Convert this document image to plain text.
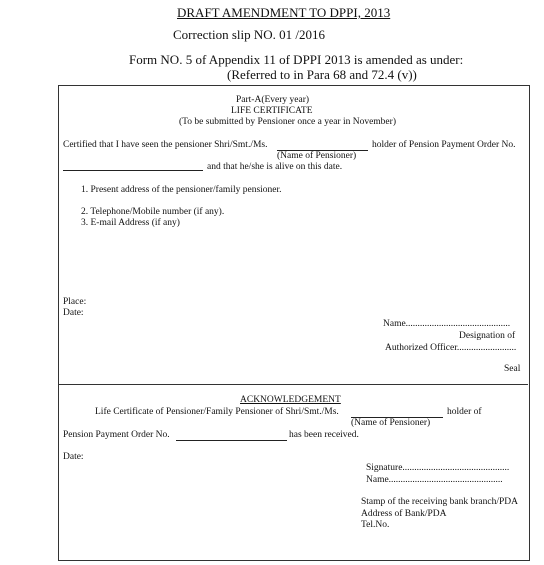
DRAFT AMENDMENT TO DPPI, 2013
Correction slip NO. 01 /2016
Form NO. 5 of Appendix 11 of DPPI 2013 is amended as under:
(Referred to in Para 68 and 72.4 (v))
Part-A(Every year)
LIFE CERTIFICATE
(To be submitted by Pensioner once a year in November)
Certified that I have seen the pensioner Shri/Smt./Ms.	holder of Pension Payment Order No.
(Name of Pensioner)
and that he/she is alive on this date.
1. Present address of the pensioner/family pensioner.
2. Telephone/Mobile number (if any).
3. E-mail Address (if any)
Place:
Date:
Name............................................
Designation of
Authorized Officer.........................
Seal
ACKNOWLEDGEMENT
Life Certificate of Pensioner/Family Pensioner of Shri/Smt./Ms.	holder of
(Name of Pensioner)
Pension Payment Order No.	has been received.
Date:
Signature.............................................
Name................................................
Stamp of the receiving bank branch/PDA
Address of Bank/PDA
Tel.No.
